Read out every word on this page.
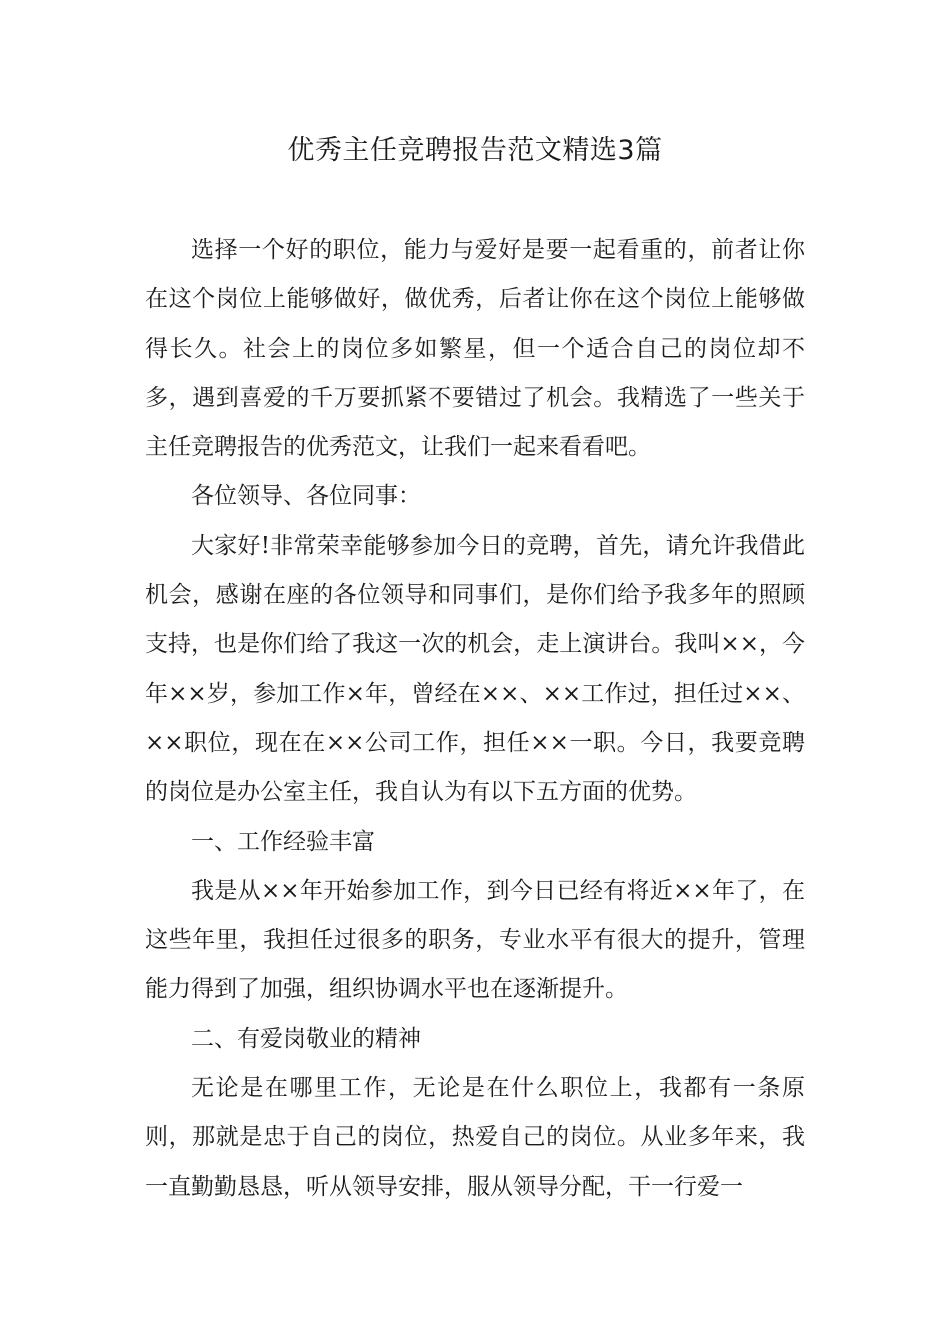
优秀主任竞聘报告范文精选3篇

选择一个好的职位，能力与爱好是要一起看重的，前者让你在这个岗位上能够做好，做优秀，后者让你在这个岗位上能够做得长久。社会上的岗位多如繁星，但一个适合自己的岗位却不多，遇到喜爱的千万要抓紧不要错过了机会。我精选了一些关于主任竞聘报告的优秀范文，让我们一起来看看吧。

各位领导、各位同事：

大家好!非常荣幸能够参加今日的竞聘，首先，请允许我借此机会，感谢在座的各位领导和同事们，是你们给予我多年的照顾支持，也是你们给了我这一次的机会，走上演讲台。我叫××，今年××岁，参加工作×年，曾经在××、××工作过，担任过××、××职位，现在在××公司工作，担任××一职。今日，我要竞聘的岗位是办公室主任，我自认为有以下五方面的优势。

一、工作经验丰富

我是从××年开始参加工作，到今日已经有将近××年了，在这些年里，我担任过很多的职务，专业水平有很大的提升，管理能力得到了加强，组织协调水平也在逐渐提升。

二、有爱岗敬业的精神

无论是在哪里工作，无论是在什么职位上，我都有一条原则，那就是忠于自己的岗位，热爱自己的岗位。从业多年来，我一直勤勤恳恳，听从领导安排，服从领导分配，干一行爱一
